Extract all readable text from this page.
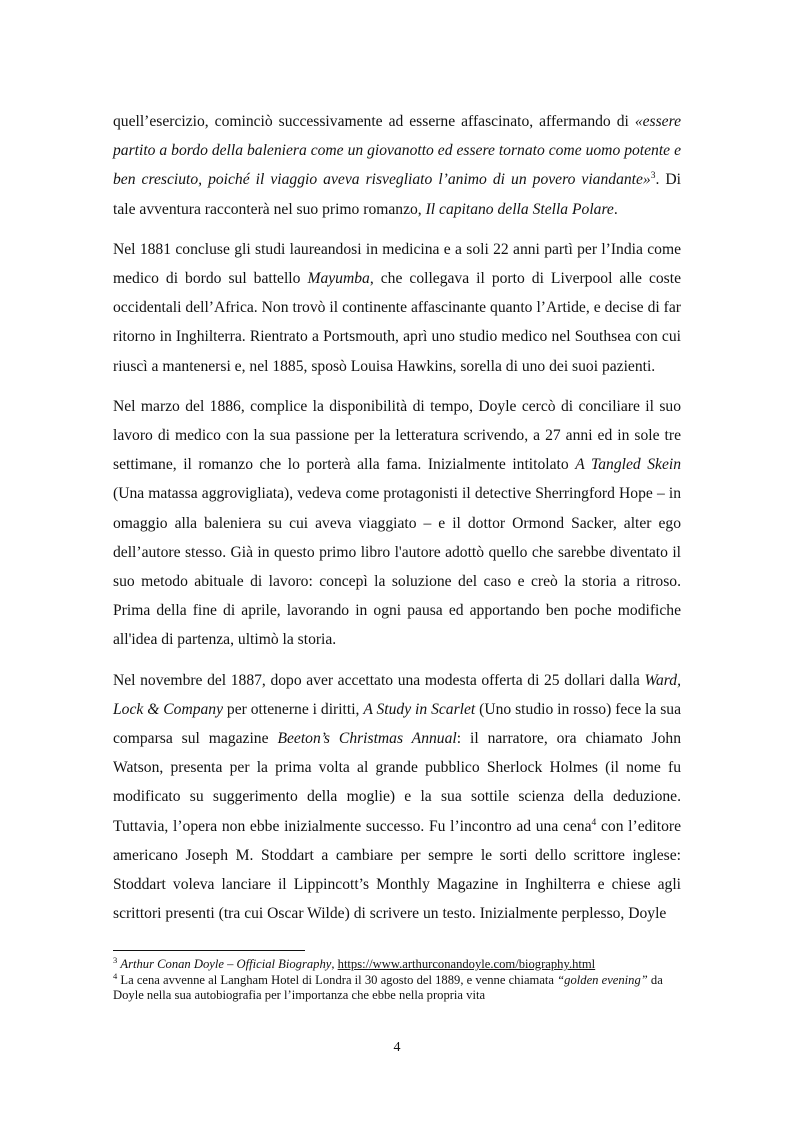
quell’esercizio, cominciò successivamente ad esserne affascinato, affermando di «essere partito a bordo della baleniera come un giovanotto ed essere tornato come uomo potente e ben cresciuto, poiché il viaggio aveva risvegliato l’animo di un povero viandante»$^3$. Di tale avventura racconterà nel suo primo romanzo, Il capitano della Stella Polare.

Nel 1881 concluse gli studi laureandosi in medicina e a soli 22 anni partì per l’India come medico di bordo sul battello Mayumba, che collegava il porto di Liverpool alle coste occidentali dell’Africa. Non trovò il continente affascinante quanto l’Artide, e decise di far ritorno in Inghilterra. Rientrato a Portsmouth, aprì uno studio medico nel Southsea con cui riuscì a mantenersi e, nel 1885, sposò Louisa Hawkins, sorella di uno dei suoi pazienti.

Nel marzo del 1886, complice la disponibilità di tempo, Doyle cercò di conciliare il suo lavoro di medico con la sua passione per la letteratura scrivendo, a 27 anni ed in sole tre settimane, il romanzo che lo porterà alla fama. Inizialmente intitolato A Tangled Skein (Una matassa aggrovigliata), vedeva come protagonisti il detective Sherringford Hope – in omaggio alla baleniera su cui aveva viaggiato – e il dottor Ormond Sacker, alter ego dell’autore stesso. Già in questo primo libro l'autore adottò quello che sarebbe diventato il suo metodo abituale di lavoro: concepì la soluzione del caso e creò la storia a ritroso. Prima della fine di aprile, lavorando in ogni pausa ed apportando ben poche modifiche all'idea di partenza, ultimò la storia.

Nel novembre del 1887, dopo aver accettato una modesta offerta di 25 dollari dalla Ward, Lock & Company per ottenerne i diritti, A Study in Scarlet (Uno studio in rosso) fece la sua comparsa sul magazine Beeton’s Christmas Annual: il narratore, ora chiamato John Watson, presenta per la prima volta al grande pubblico Sherlock Holmes (il nome fu modificato su suggerimento della moglie) e la sua sottile scienza della deduzione. Tuttavia, l’opera non ebbe inizialmente successo. Fu l’incontro ad una cena$^4$ con l’editore americano Joseph M. Stoddart a cambiare per sempre le sorti dello scrittore inglese: Stoddart voleva lanciare il Lippincott’s Monthly Magazine in Inghilterra e chiese agli scrittori presenti (tra cui Oscar Wilde) di scrivere un testo. Inizialmente perplesso, Doyle

$^3$ Arthur Conan Doyle – Official Biography, https://www.arthurconandoyle.com/biography.html
$^4$ La cena avvenne al Langham Hotel di Londra il 30 agosto del 1889, e venne chiamata “golden evening” da Doyle nella sua autobiografia per l’importanza che ebbe nella propria vita
4
